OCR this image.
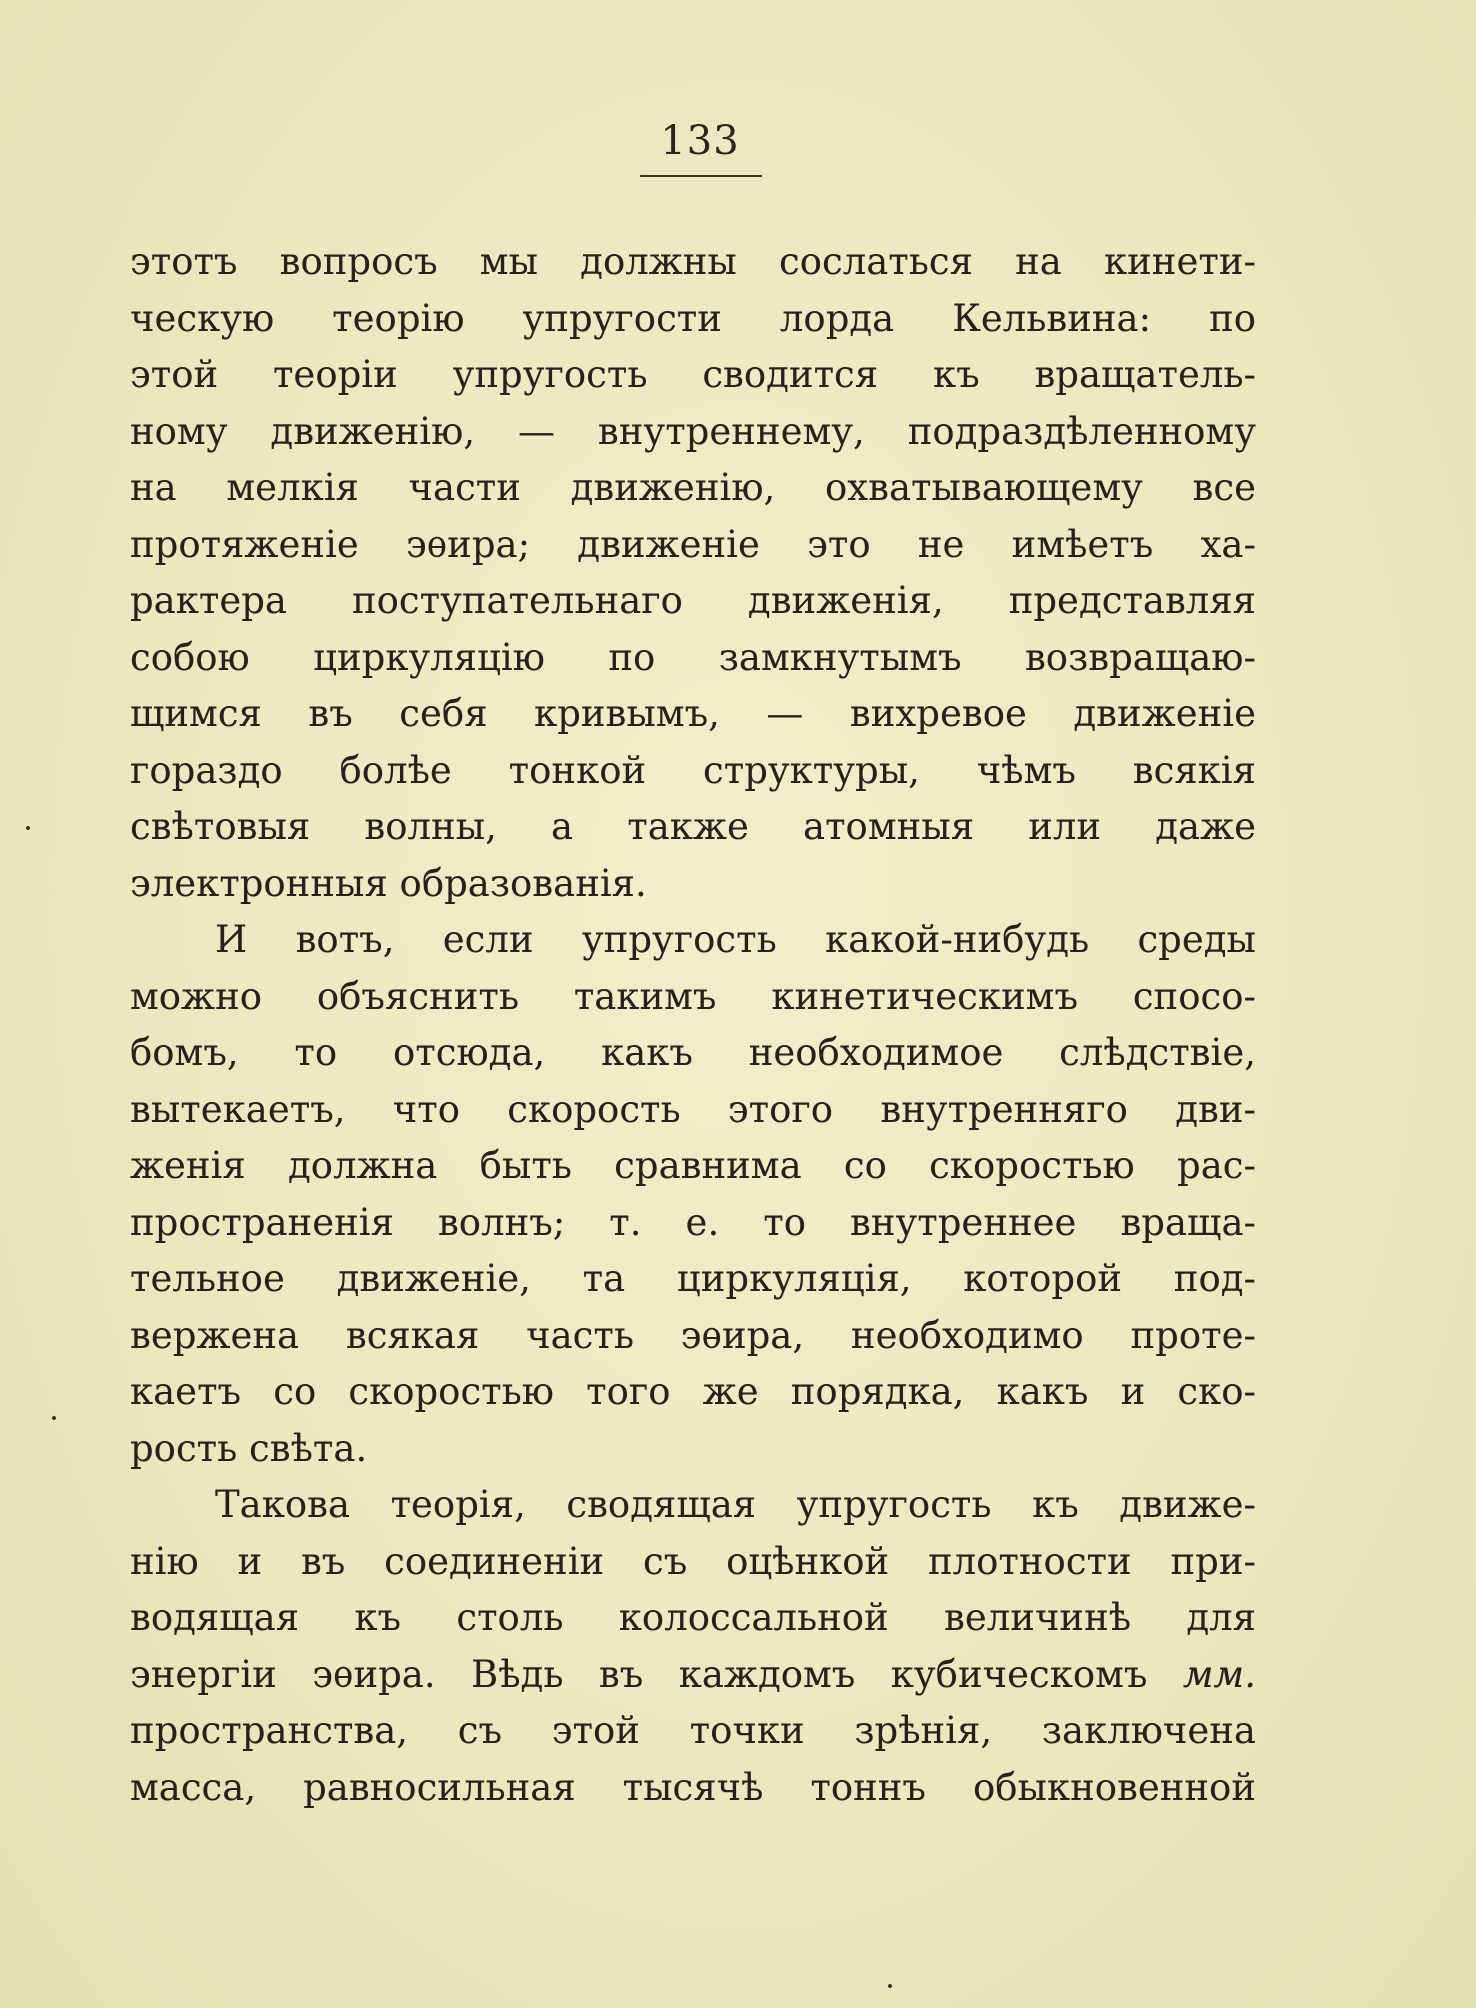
133
этотъ вопросъ мы должны сослаться на кинети-
ческую теорію упругости лорда Кельвина: по
этой теоріи упругость сводится къ вращатель-
ному движенію, — внутреннему, подраздѣленному
на мелкія части движенію, охватывающему все
протяженіе эѳира; движеніе это не имѣетъ ха-
рактера поступательнаго движенія, представляя
собою циркуляцію по замкнутымъ возвращаю-
щимся въ себя кривымъ, — вихревое движеніе
гораздо болѣе тонкой структуры, чѣмъ всякія
свѣтовыя волны, а также атомныя или даже
электронныя образованія.
И вотъ, если упругость какой-нибудь среды
можно объяснить такимъ кинетическимъ спосо-
бомъ, то отсюда, какъ необходимое слѣдствіе,
вытекаетъ, что скорость этого внутренняго дви-
женія должна быть сравнима со скоростью рас-
пространенія волнъ; т. е. то внутреннее враща-
тельное движеніе, та циркуляція, которой под-
вержена всякая часть эѳира, необходимо проте-
каетъ со скоростью того же порядка, какъ и ско-
рость свѣта.
Такова теорія, сводящая упругость къ движе-
нію и въ соединеніи съ оцѣнкой плотности при-
водящая къ столь колоссальной величинѣ для
энергіи эѳира. Вѣдь въ каждомъ кубическомъ мм.
пространства, съ этой точки зрѣнія, заключена
масса, равносильная тысячѣ тоннъ обыкновенной
